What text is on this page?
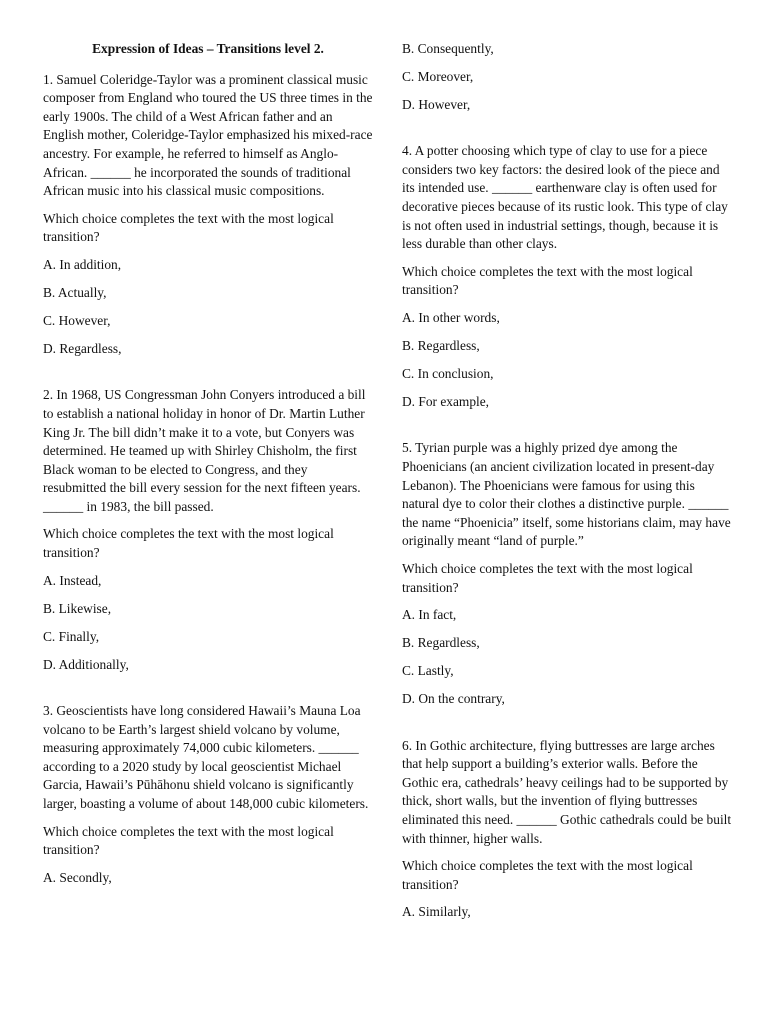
Expression of Ideas – Transitions level 2.

1. Samuel Coleridge-Taylor was a prominent classical music composer from England who toured the US three times in the early 1900s. The child of a West African father and an English mother, Coleridge-Taylor emphasized his mixed-race ancestry. For example, he referred to himself as Anglo-African. ______ he incorporated the sounds of traditional African music into his classical music compositions.

Which choice completes the text with the most logical transition?

A. In addition,

B. Actually,

C. However,

D. Regardless,

2. In 1968, US Congressman John Conyers introduced a bill to establish a national holiday in honor of Dr. Martin Luther King Jr. The bill didn’t make it to a vote, but Conyers was determined. He teamed up with Shirley Chisholm, the first Black woman to be elected to Congress, and they resubmitted the bill every session for the next fifteen years. ______ in 1983, the bill passed.

Which choice completes the text with the most logical transition?

A. Instead,

B. Likewise,

C. Finally,

D. Additionally,

3. Geoscientists have long considered Hawaii’s Mauna Loa volcano to be Earth’s largest shield volcano by volume, measuring approximately 74,000 cubic kilometers. ______ according to a 2020 study by local geoscientist Michael Garcia, Hawaii’s Pūhāhonu shield volcano is significantly larger, boasting a volume of about 148,000 cubic kilometers.

Which choice completes the text with the most logical transition?

A. Secondly,

B. Consequently,

C. Moreover,

D. However,

4. A potter choosing which type of clay to use for a piece considers two key factors: the desired look of the piece and its intended use. ______ earthenware clay is often used for decorative pieces because of its rustic look. This type of clay is not often used in industrial settings, though, because it is less durable than other clays.

Which choice completes the text with the most logical transition?

A. In other words,

B. Regardless,

C. In conclusion,

D. For example,

5. Tyrian purple was a highly prized dye among the Phoenicians (an ancient civilization located in present-day Lebanon). The Phoenicians were famous for using this natural dye to color their clothes a distinctive purple. ______ the name “Phoenicia” itself, some historians claim, may have originally meant “land of purple.”

Which choice completes the text with the most logical transition?

A. In fact,

B. Regardless,

C. Lastly,

D. On the contrary,

6. In Gothic architecture, flying buttresses are large arches that help support a building’s exterior walls. Before the Gothic era, cathedrals’ heavy ceilings had to be supported by thick, short walls, but the invention of flying buttresses eliminated this need. ______ Gothic cathedrals could be built with thinner, higher walls.

Which choice completes the text with the most logical transition?

A. Similarly,
